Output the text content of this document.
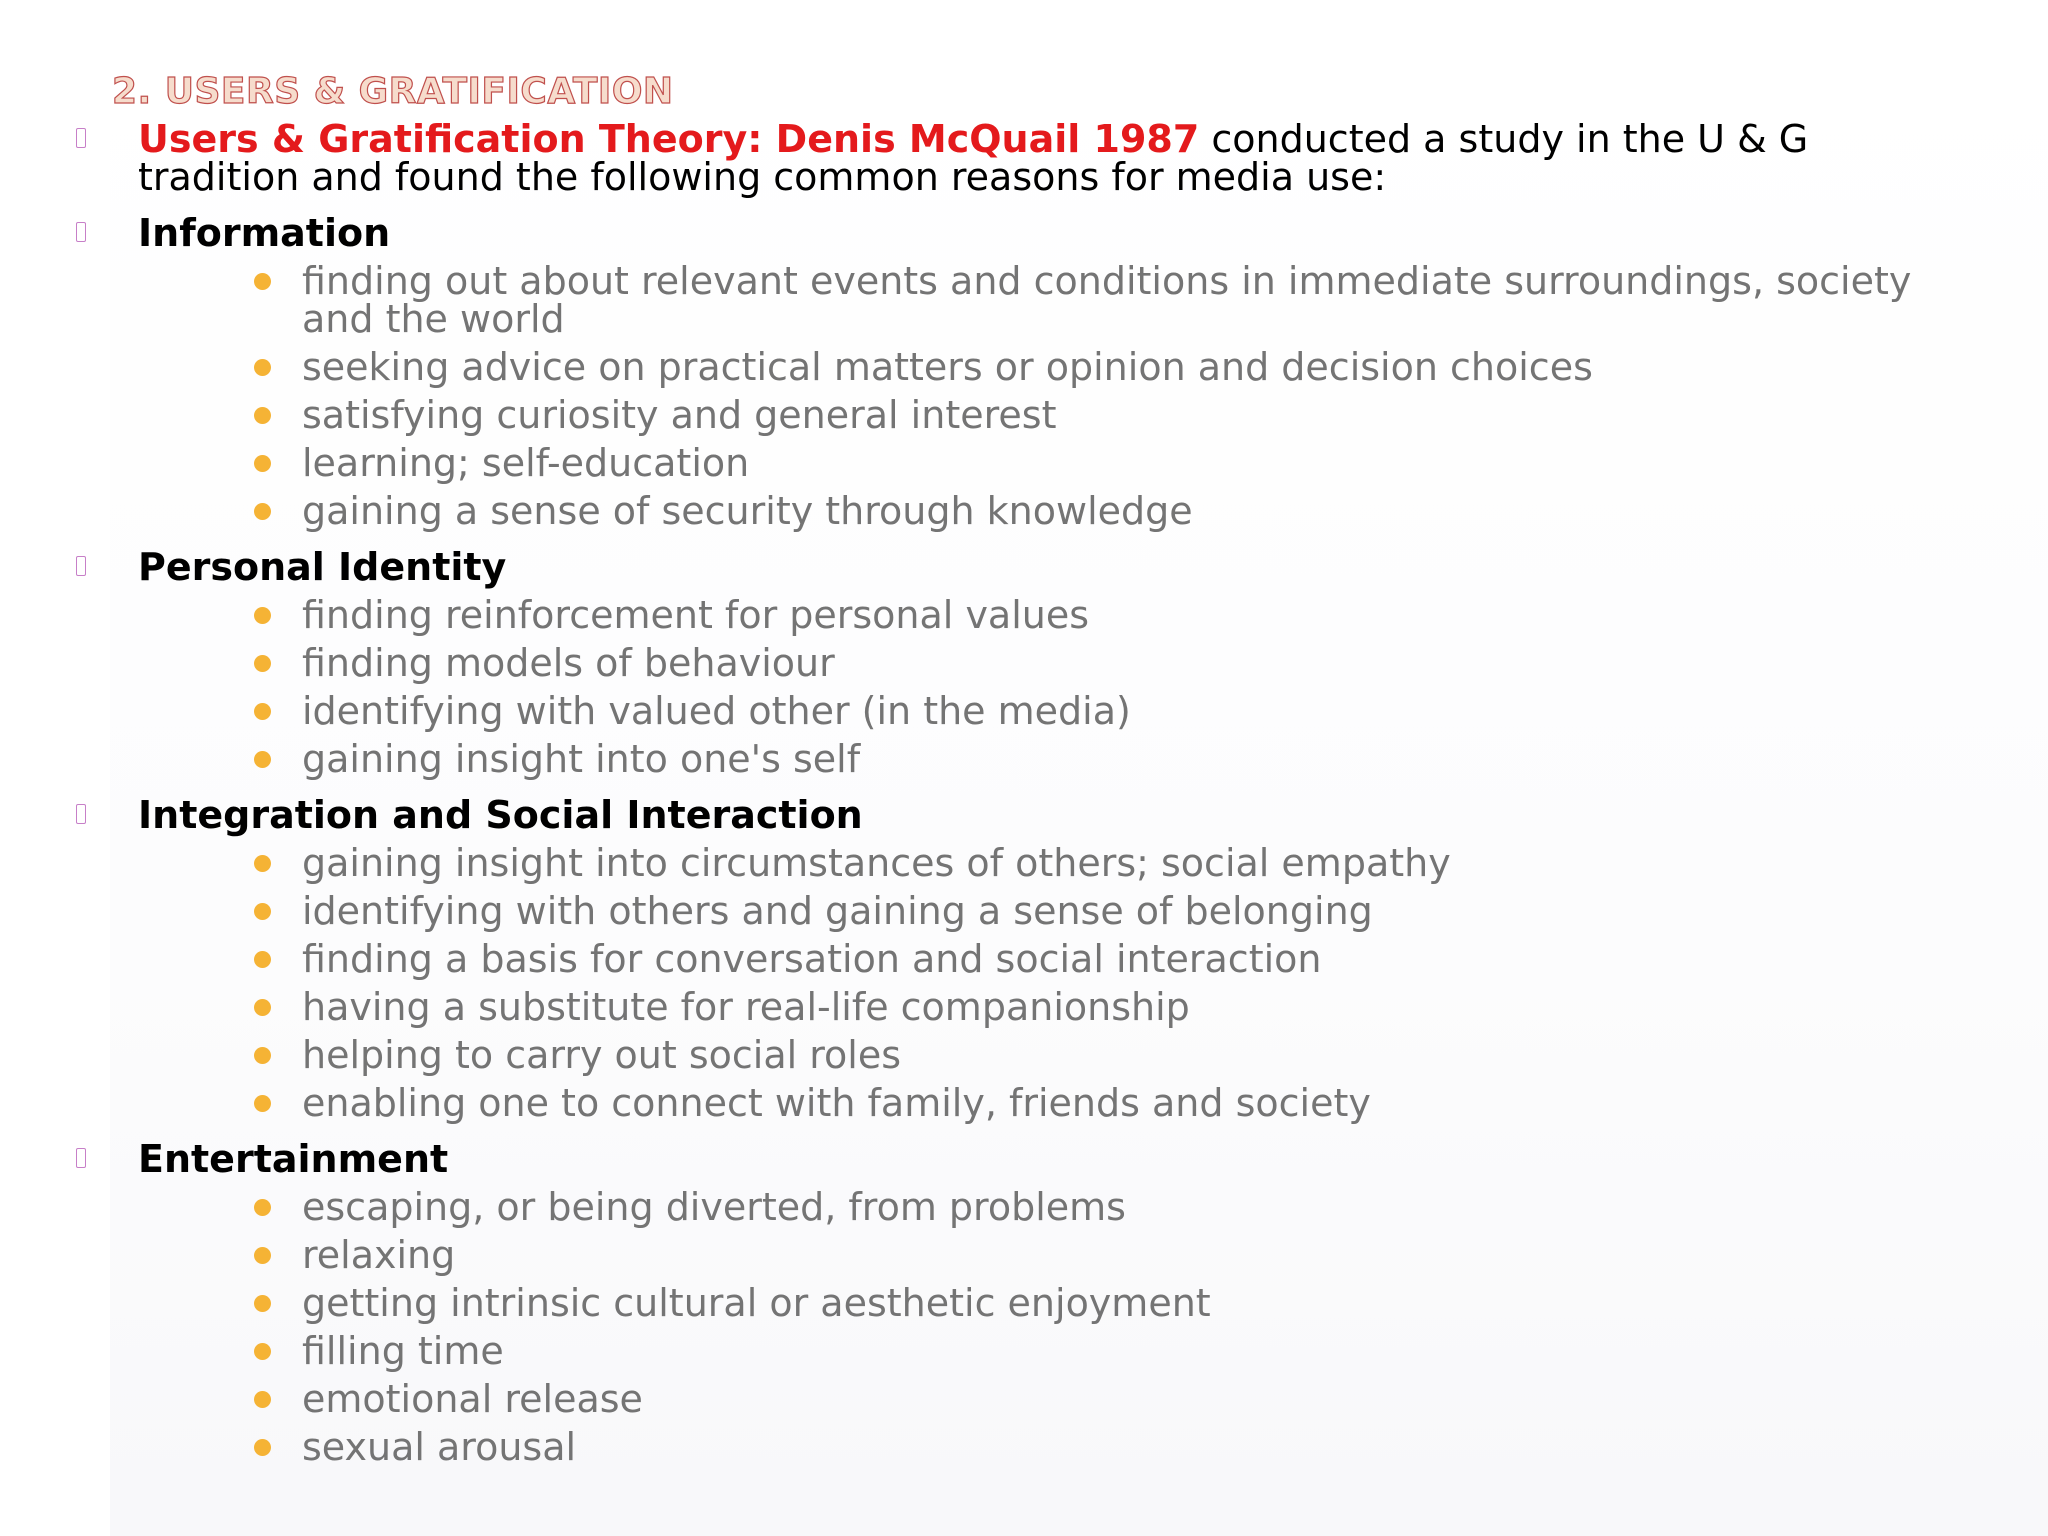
2. USERS & GRATIFICATION
Users & Gratification Theory: Denis McQuail 1987 conducted a study in the U & G tradition and found the following common reasons for media use:
Information
finding out about relevant events and conditions in immediate surroundings, society and the world
seeking advice on practical matters or opinion and decision choices
satisfying curiosity and general interest
learning; self-education
gaining a sense of security through knowledge
Personal Identity
finding reinforcement for personal values
finding models of behaviour
identifying with valued other (in the media)
gaining insight into one's self
Integration and Social Interaction
gaining insight into circumstances of others; social empathy
identifying with others and gaining a sense of belonging
finding a basis for conversation and social interaction
having a substitute for real-life companionship
helping to carry out social roles
enabling one to connect with family, friends and society
Entertainment
escaping, or being diverted, from problems
relaxing
getting intrinsic cultural or aesthetic enjoyment
filling time
emotional release
sexual arousal
